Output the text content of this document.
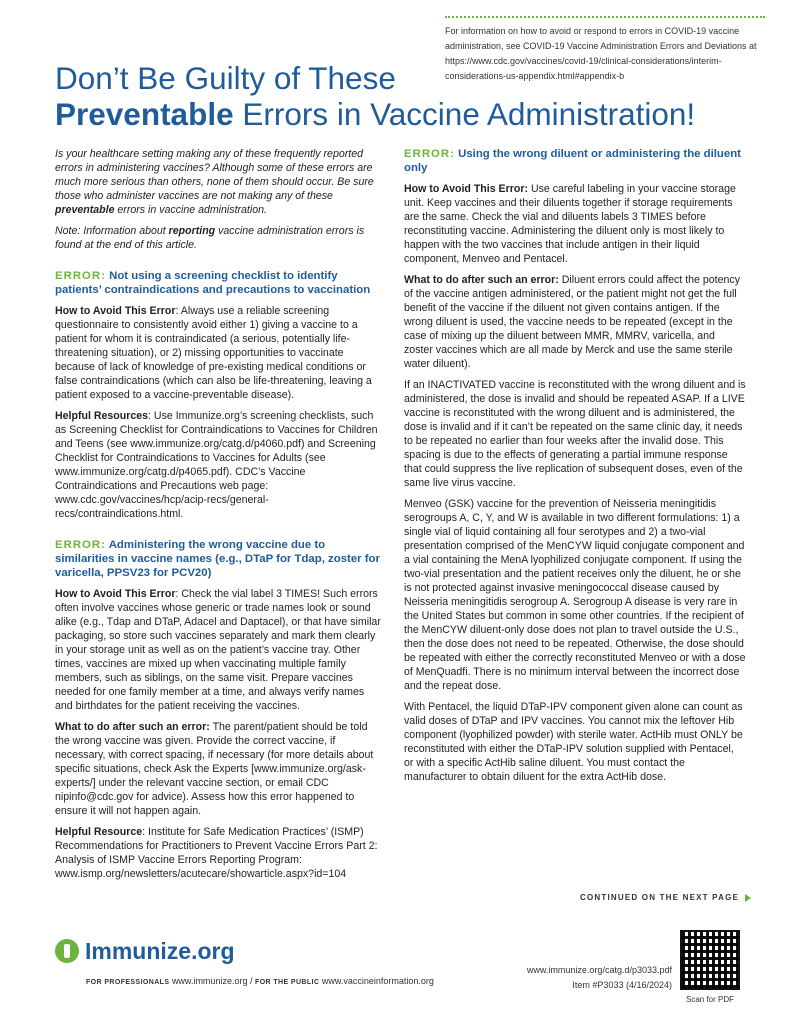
For information on how to avoid or respond to errors in COVID-19 vaccine administration, see COVID-19 Vaccine Administration Errors and Deviations at https://www.cdc.gov/vaccines/covid-19/clinical-considerations/interim-considerations-us-appendix.html#appendix-b
Don’t Be Guilty of These
Preventable Errors in Vaccine Administration!

Is your healthcare setting making any of these frequently reported errors in administering vaccines? Although some of these errors are much more serious than others, none of them should occur. Be sure those who administer vaccines are not making any of these preventable errors in vaccine administration.

Note: Information about reporting vaccine administration errors is found at the end of this article.

ERROR: Not using a screening checklist to identify patients’ contraindications and precautions to vaccination

How to Avoid This Error: Always use a reliable screening questionnaire to consistently avoid either 1) giving a vaccine to a patient for whom it is contraindicated (a serious, potentially life-threatening situation), or 2) missing opportunities to vaccinate because of lack of knowledge of pre-existing medical conditions or false contraindications (which can also be life-threatening, leaving a patient exposed to a vaccine-preventable disease).

Helpful Resources: Use Immunize.org’s screening checklists, such as Screening Checklist for Contraindications to Vaccines for Children and Teens (see www.immunize.org/catg.d/p4060.pdf) and Screening Checklist for Contraindications to Vaccines for Adults (see www.immunize.org/catg.d/p4065.pdf). CDC’s Vaccine Contraindications and Precautions web page: www.cdc.gov/vaccines/hcp/acip-recs/general-recs/contraindications.html.

ERROR: Administering the wrong vaccine due to similarities in vaccine names (e.g., DTaP for Tdap, zoster for varicella, PPSV23 for PCV20)

How to Avoid This Error: Check the vial label 3 TIMES! Such errors often involve vaccines whose generic or trade names look or sound alike (e.g., Tdap and DTaP, Adacel and Daptacel), or that have similar packaging, so store such vaccines separately and mark them clearly in your storage unit as well as on the patient’s vaccine tray. Other times, vaccines are mixed up when vaccinating multiple family members, such as siblings, on the same visit. Prepare vaccines needed for one family member at a time, and always verify names and birthdates for the patient receiving the vaccines.

What to do after such an error: The parent/patient should be told the wrong vaccine was given. Provide the correct vaccine, if necessary, with correct spacing, if necessary (for more details about specific situations, check Ask the Experts [www.immunize.org/ask-experts/] under the relevant vaccine section, or email CDC nipinfo@cdc.gov for advice). Assess how this error happened to ensure it will not happen again.

Helpful Resource: Institute for Safe Medication Practices’ (ISMP) Recommendations for Practitioners to Prevent Vaccine Errors Part 2: Analysis of ISMP Vaccine Errors Reporting Program: www.ismp.org/newsletters/acutecare/showarticle.aspx?id=104

ERROR: Using the wrong diluent or administering the diluent only

How to Avoid This Error: Use careful labeling in your vaccine storage unit. Keep vaccines and their diluents together if storage requirements are the same. Check the vial and diluents labels 3 TIMES before reconstituting vaccine. Administering the diluent only is most likely to happen with the two vaccines that include antigen in their liquid component, Menveo and Pentacel.

What to do after such an error: Diluent errors could affect the potency of the vaccine antigen administered, or the patient might not get the full benefit of the vaccine if the diluent not given contains antigen. If the wrong diluent is used, the vaccine needs to be repeated (except in the case of mixing up the diluent between MMR, MMRV, varicella, and zoster vaccines which are all made by Merck and use the same sterile water diluent).

If an INACTIVATED vaccine is reconstituted with the wrong diluent and is administered, the dose is invalid and should be repeated ASAP. If a LIVE vaccine is reconstituted with the wrong diluent and is administered, the dose is invalid and if it can’t be repeated on the same clinic day, it needs to be repeated no earlier than four weeks after the invalid dose. This spacing is due to the effects of generating a partial immune response that could suppress the live replication of subsequent doses, even of the same live virus vaccine.

Menveo (GSK) vaccine for the prevention of Neisseria meningitidis serogroups A, C, Y, and W is available in two different formulations: 1) a single vial of liquid containing all four serotypes and 2) a two-vial presentation comprised of the MenCYW liquid conjugate component and a vial containing the MenA lyophilized conjugate component. If using the two-vial presentation and the patient receives only the diluent, he or she is not protected against invasive meningococcal disease caused by Neisseria meningitidis serogroup A. Serogroup A disease is very rare in the United States but common in some other countries. If the recipient of the MenCYW diluent-only dose does not plan to travel outside the U.S., then the dose does not need to be repeated. Otherwise, the dose should be repeated with either the correctly reconstituted Menveo or with a dose of MenQuadfi. There is no minimum interval between the incorrect dose and the repeat dose.

With Pentacel, the liquid DTaP-IPV component given alone can count as valid doses of DTaP and IPV vaccines. You cannot mix the leftover Hib component (lyophilized powder) with sterile water. ActHib must ONLY be reconstituted with either the DTaP-IPV solution supplied with Pentacel, or with a specific ActHib saline diluent. You must contact the manufacturer to obtain diluent for the extra ActHib dose.

CONTINUED ON THE NEXT PAGE
Immunize.org
FOR PROFESSIONALS www.immunize.org / FOR THE PUBLIC www.vaccineinformation.org
www.immunize.org/catg.d/p3033.pdf
Item #P3033 (4/16/2024)
Scan for PDF
